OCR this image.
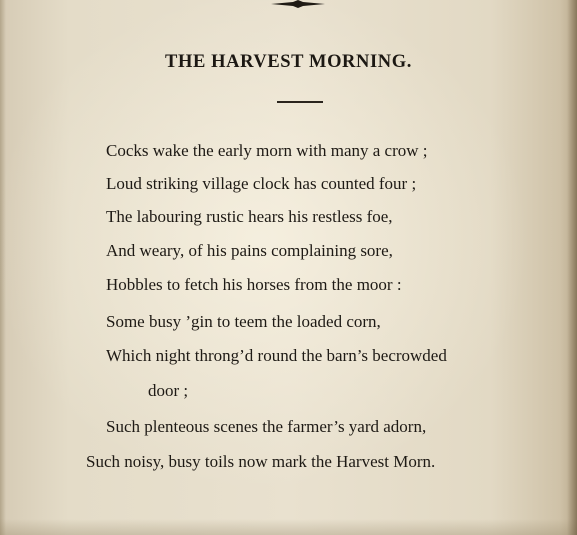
THE HARVEST MORNING.

Cocks wake the early morn with many a crow ;

Loud striking village clock has counted four ;

The labouring rustic hears his restless foe,

And weary, of his pains complaining sore,

Hobbles to fetch his horses from the moor :

Some busy ’gin to teem the loaded corn,

Which night throng’d round the barn’s becrowded

door ;

Such plenteous scenes the farmer’s yard adorn,

Such noisy, busy toils now mark the Harvest Morn.
